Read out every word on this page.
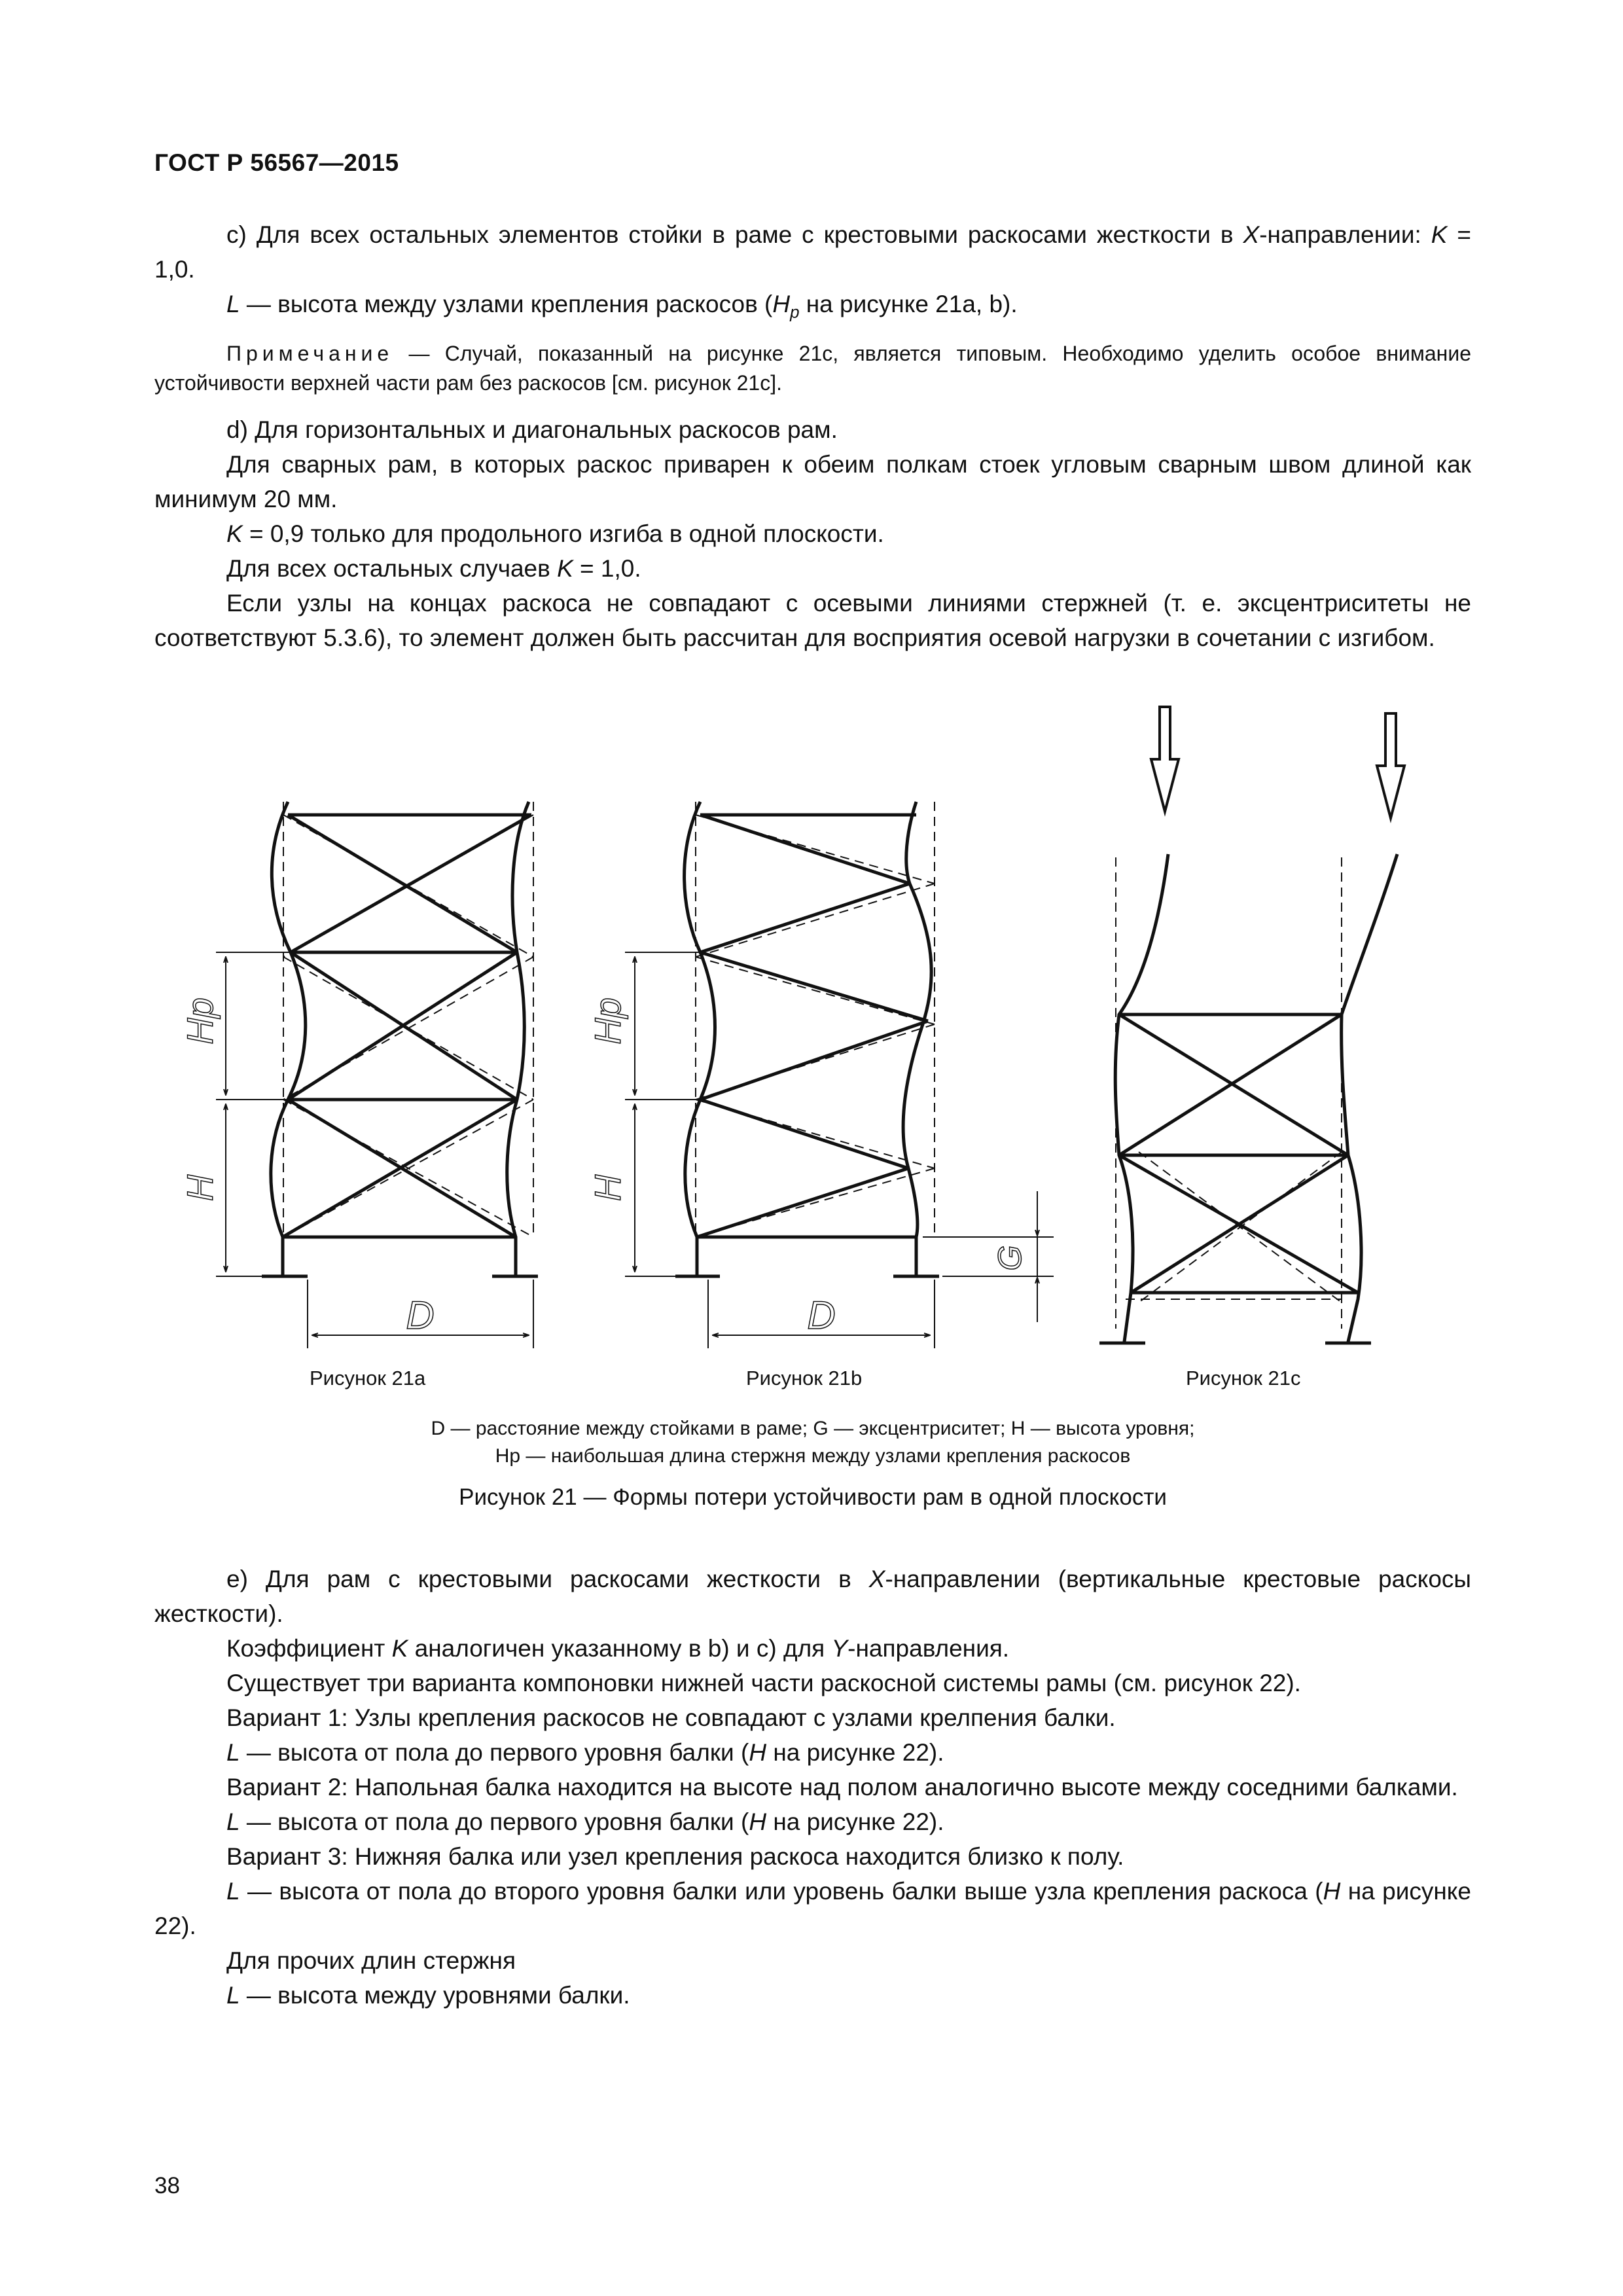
ГОСТ Р 56567—2015

c) Для всех остальных элементов стойки в раме с крестовыми раскосами жесткости в X-направлении: K = 1,0.

L — высота между узлами крепления раскосов ($H_p$ на рисунке 21a, b).

Примечание — Случай, показанный на рисунке 21c, является типовым. Необходимо уделить особое внимание устойчивости верхней части рам без раскосов [см. рисунок 21c].

d) Для горизонтальных и диагональных раскосов рам.

Для сварных рам, в которых раскос приварен к обеим полкам стоек угловым сварным швом длиной как минимум 20 мм.

K = 0,9 только для продольного изгиба в одной плоскости.

Для всех остальных случаев K = 1,0.

Если узлы на концах раскоса не совпадают с осевыми линиями стержней (т. е. эксцентриситеты не соответствуют 5.3.6), то элемент должен быть рассчитан для восприятия осевой нагрузки в сочетании с изгибом.

Hp
H
D
Hp
H
D
G
Рисунок 21a	Рисунок 21b	Рисунок 21c
D — расстояние между стойками в раме; G — эксцентриситет; H — высота уровня;
Hp — наибольшая длина стержня между узлами крепления раскосов
Рисунок 21 — Формы потери устойчивости рам в одной плоскости

e) Для рам с крестовыми раскосами жесткости в X-направлении (вертикальные крестовые раскосы жесткости).

Коэффициент K аналогичен указанному в b) и c) для Y-направления.

Существует три варианта компоновки нижней части раскосной системы рамы (см. рисунок 22).

Вариант 1: Узлы крепления раскосов не совпадают с узлами крелпения балки.

L — высота от пола до первого уровня балки (H на рисунке 22).

Вариант 2: Напольная балка находится на высоте над полом аналогично высоте между соседними балками.

L — высота от пола до первого уровня балки (H на рисунке 22).

Вариант 3: Нижняя балка или узел крепления раскоса находится близко к полу.

L — высота от пола до второго уровня балки или уровень балки выше узла крепления раскоса (H на рисунке 22).

Для прочих длин стержня

L — высота между уровнями балки.

38
